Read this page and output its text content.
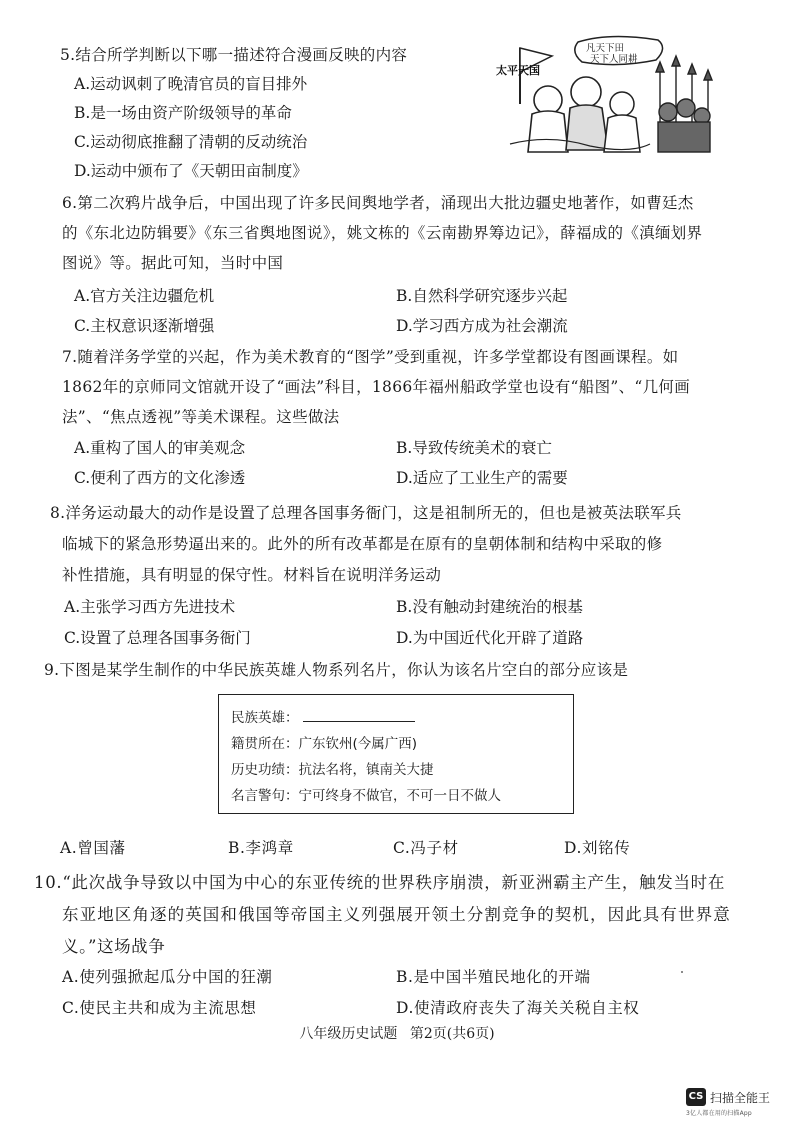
5.结合所学判断以下哪一描述符合漫画反映的内容
A.运动讽刺了晚清官员的盲目排外
B.是一场由资产阶级领导的革命
C.运动彻底推翻了清朝的反动统治
D.运动中颁布了《天朝田亩制度》
凡天下田
天下人同耕
太平天国
6.第二次鸦片战争后，中国出现了许多民间舆地学者，涌现出大批边疆史地著作，如曹廷杰
的《东北边防辑要》《东三省舆地图说》，姚文栋的《云南勘界筹边记》，薛福成的《滇缅划界
图说》等。据此可知，当时中国
A.官方关注边疆危机	B.自然科学研究逐步兴起
C.主权意识逐渐增强	D.学习西方成为社会潮流
7.随着洋务学堂的兴起，作为美术教育的“图学”受到重视，许多学堂都设有图画课程。如
1862年的京师同文馆就开设了“画法”科目，1866年福州船政学堂也设有“船图”、“几何画
法”、“焦点透视”等美术课程。这些做法
A.重构了国人的审美观念	B.导致传统美术的衰亡
C.便利了西方的文化渗透	D.适应了工业生产的需要
8.洋务运动最大的动作是设置了总理各国事务衙门，这是祖制所无的，但也是被英法联军兵
临城下的紧急形势逼出来的。此外的所有改革都是在原有的皇朝体制和结构中采取的修
补性措施，具有明显的保守性。材料旨在说明洋务运动
A.主张学习西方先进技术	B.没有触动封建统治的根基
C.设置了总理各国事务衙门	D.为中国近代化开辟了道路
9.下图是某学生制作的中华民族英雄人物系列名片，你认为该名片空白的部分应该是
民族英雄：
籍贯所在：广东钦州(今属广西)
历史功绩：抗法名将，镇南关大捷
名言警句：宁可终身不做官，不可一日不做人
A.曾国藩	B.李鸿章	C.冯子材	D.刘铭传
10.“此次战争导致以中国为中心的东亚传统的世界秩序崩溃，新亚洲霸主产生，触发当时在
东亚地区角逐的英国和俄国等帝国主义列强展开领土分割竞争的契机，因此具有世界意
义。”这场战争
A.使列强掀起瓜分中国的狂潮	B.是中国半殖民地化的开端
C.使民主共和成为主流思想	D.使清政府丧失了海关关税自主权
八年级历史试题 第2页(共6页)
CS 扫描全能王
3亿人都在用的扫描App
